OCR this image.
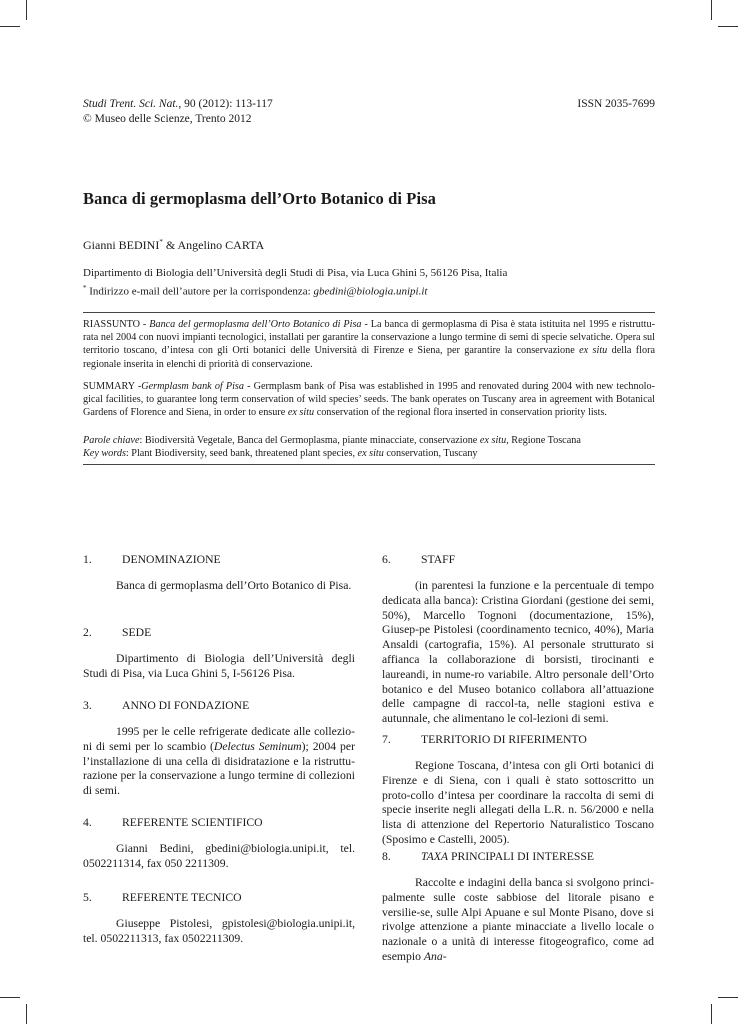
Studi Trent. Sci. Nat., 90 (2012): 113-117
© Museo delle Scienze, Trento 2012
ISSN 2035-7699
Banca di germoplasma dell’Orto Botanico di Pisa
Gianni BEDINI* & Angelino CARTA
Dipartimento di Biologia dell’Università degli Studi di Pisa, via Luca Ghini 5, 56126 Pisa, Italia
* Indirizzo e-mail dell’autore per la corrispondenza: gbedini@biologia.unipi.it
RIASSUNTO - Banca del germoplasma dell’Orto Botanico di Pisa - La banca di germoplasma di Pisa è stata istituita nel 1995 e ristruttu-rata nel 2004 con nuovi impianti tecnologici, installati per garantire la conservazione a lungo termine di semi di specie selvatiche. Opera sul territorio toscano, d’intesa con gli Orti botanici delle Università di Firenze e Siena, per garantire la conservazione ex situ della flora regionale inserita in elenchi di priorità di conservazione.
SUMMARY -Germplasm bank of Pisa - Germplasm bank of Pisa was established in 1995 and renovated during 2004 with new technolo-gical facilities, to guarantee long term conservation of wild species’ seeds. The bank operates on Tuscany area in agreement with Botanical Gardens of Florence and Siena, in order to ensure ex situ conservation of the regional flora inserted in conservation priority lists.
Parole chiave: Biodiversità Vegetale, Banca del Germoplasma, piante minacciate, conservazione ex situ, Regione Toscana
Key words: Plant Biodiversity, seed bank, threatened plant species, ex situ conservation, Tuscany
1.	DENOMINAZIONE
Banca di germoplasma dell’Orto Botanico di Pisa.
2.	SEDE
Dipartimento di Biologia dell’Università degli Studi di Pisa, via Luca Ghini 5, I-56126 Pisa.
3.	ANNO DI FONDAZIONE
1995 per le celle refrigerate dedicate alle collezio-ni di semi per lo scambio (Delectus Seminum); 2004 per l’installazione di una cella di disidratazione e la ristruttu-razione per la conservazione a lungo termine di collezioni di semi.
4.	REFERENTE SCIENTIFICO
Gianni Bedini, gbedini@biologia.unipi.it, tel. 0502211314, fax 050 2211309.
5.	REFERENTE TECNICO
Giuseppe Pistolesi, gpistolesi@biologia.unipi.it, tel. 0502211313, fax 0502211309.
6.	STAFF
(in parentesi la funzione e la percentuale di tempo dedicata alla banca): Cristina Giordani (gestione dei semi, 50%), Marcello Tognoni (documentazione, 15%), Giusep-pe Pistolesi (coordinamento tecnico, 40%), Maria Ansaldi (cartografia, 15%). Al personale strutturato si affianca la collaborazione di borsisti, tirocinanti e laureandi, in nume-ro variabile. Altro personale dell’Orto botanico e del Museo botanico collabora all’attuazione delle campagne di raccol-ta, nelle stagioni estiva e autunnale, che alimentano le col-lezioni di semi.
7.	TERRITORIO DI RIFERIMENTO
Regione Toscana, d’intesa con gli Orti botanici di Firenze e di Siena, con i quali è stato sottoscritto un proto-collo d’intesa per coordinare la raccolta di semi di specie inserite negli allegati della L.R. n. 56/2000 e nella lista di attenzione del Repertorio Naturalistico Toscano (Sposimo e Castelli, 2005).
8.	TAXA PRINCIPALI DI INTERESSE
Raccolte e indagini della banca si svolgono princi-palmente sulle coste sabbiose del litorale pisano e versilie-se, sulle Alpi Apuane e sul Monte Pisano, dove si rivolge attenzione a piante minacciate a livello locale o nazionale o a unità di interesse fitogeografico, come ad esempio Ana-
